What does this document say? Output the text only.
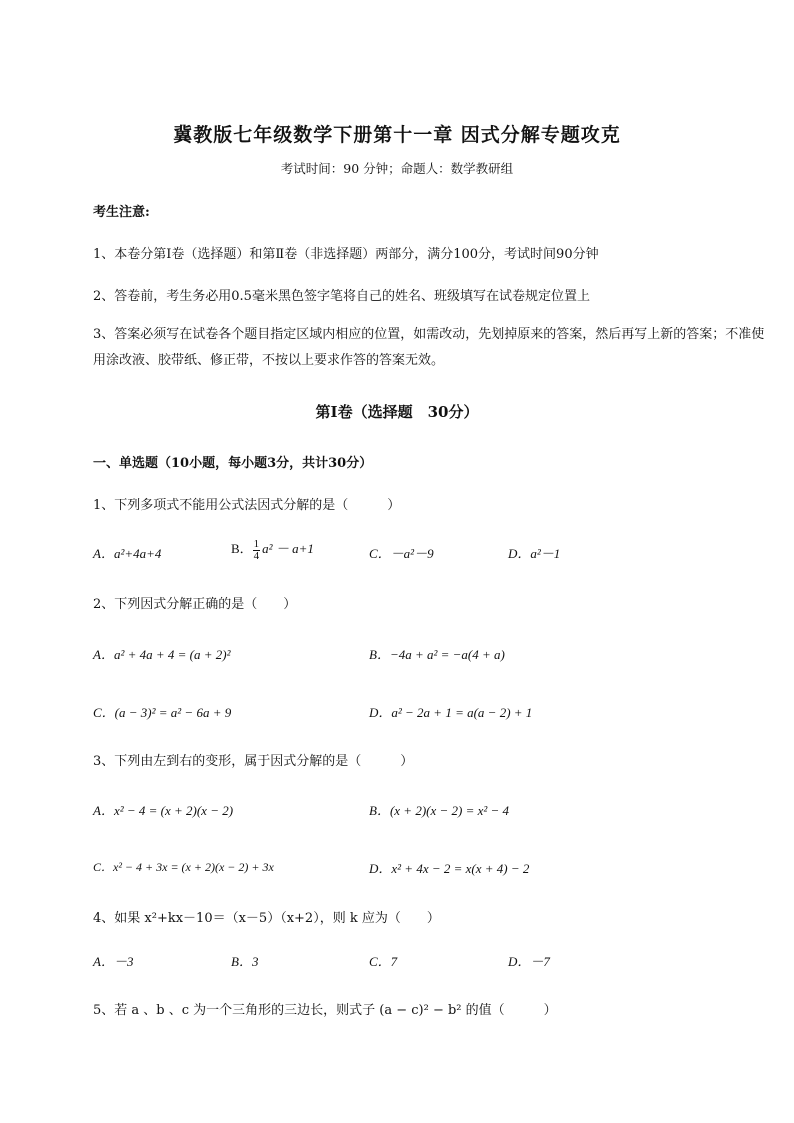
冀教版七年级数学下册第十一章 因式分解专题攻克
考试时间：90 分钟；命题人：数学教研组
考生注意:
1、本卷分第Ⅰ卷（选择题）和第Ⅱ卷（非选择题）两部分，满分100分，考试时间90分钟
2、答卷前，考生务必用0.5毫米黑色签字笔将自己的姓名、班级填写在试卷规定位置上
3、答案必须写在试卷各个题目指定区域内相应的位置，如需改动，先划掉原来的答案，然后再写上新的答案；不准使用涂改液、胶带纸、修正带，不按以上要求作答的答案无效。
第Ⅰ卷（选择题　30分）
一、单选题（10小题，每小题3分，共计30分）
1、下列多项式不能用公式法因式分解的是（　　　）
A．a²+4a+4	B． $\frac{1}{4} a^2 - a+1$	C．－a²－9	D．a²－1
2、下列因式分解正确的是（　　）
A．a² + 4a + 4 = (a + 2)²	B．−4a + a² = −a(4 + a)
C．(a − 3)² = a² − 6a + 9	D．a² − 2a + 1 = a(a − 2) + 1
3、下列由左到右的变形，属于因式分解的是（　　　）
A．x² − 4 = (x + 2)(x − 2)	B．(x + 2)(x − 2) = x² − 4
C．x² − 4 + 3x = (x + 2)(x − 2) + 3x	D．x² + 4x − 2 = x(x + 4) − 2
4、如果 x²+kx－10＝（x－5）（x+2），则 k 应为（　　）
A．－3	B．3	C．7	D．－7
5、若 a 、b 、c 为一个三角形的三边长，则式子 (a − c)² − b² 的值（　　　）
